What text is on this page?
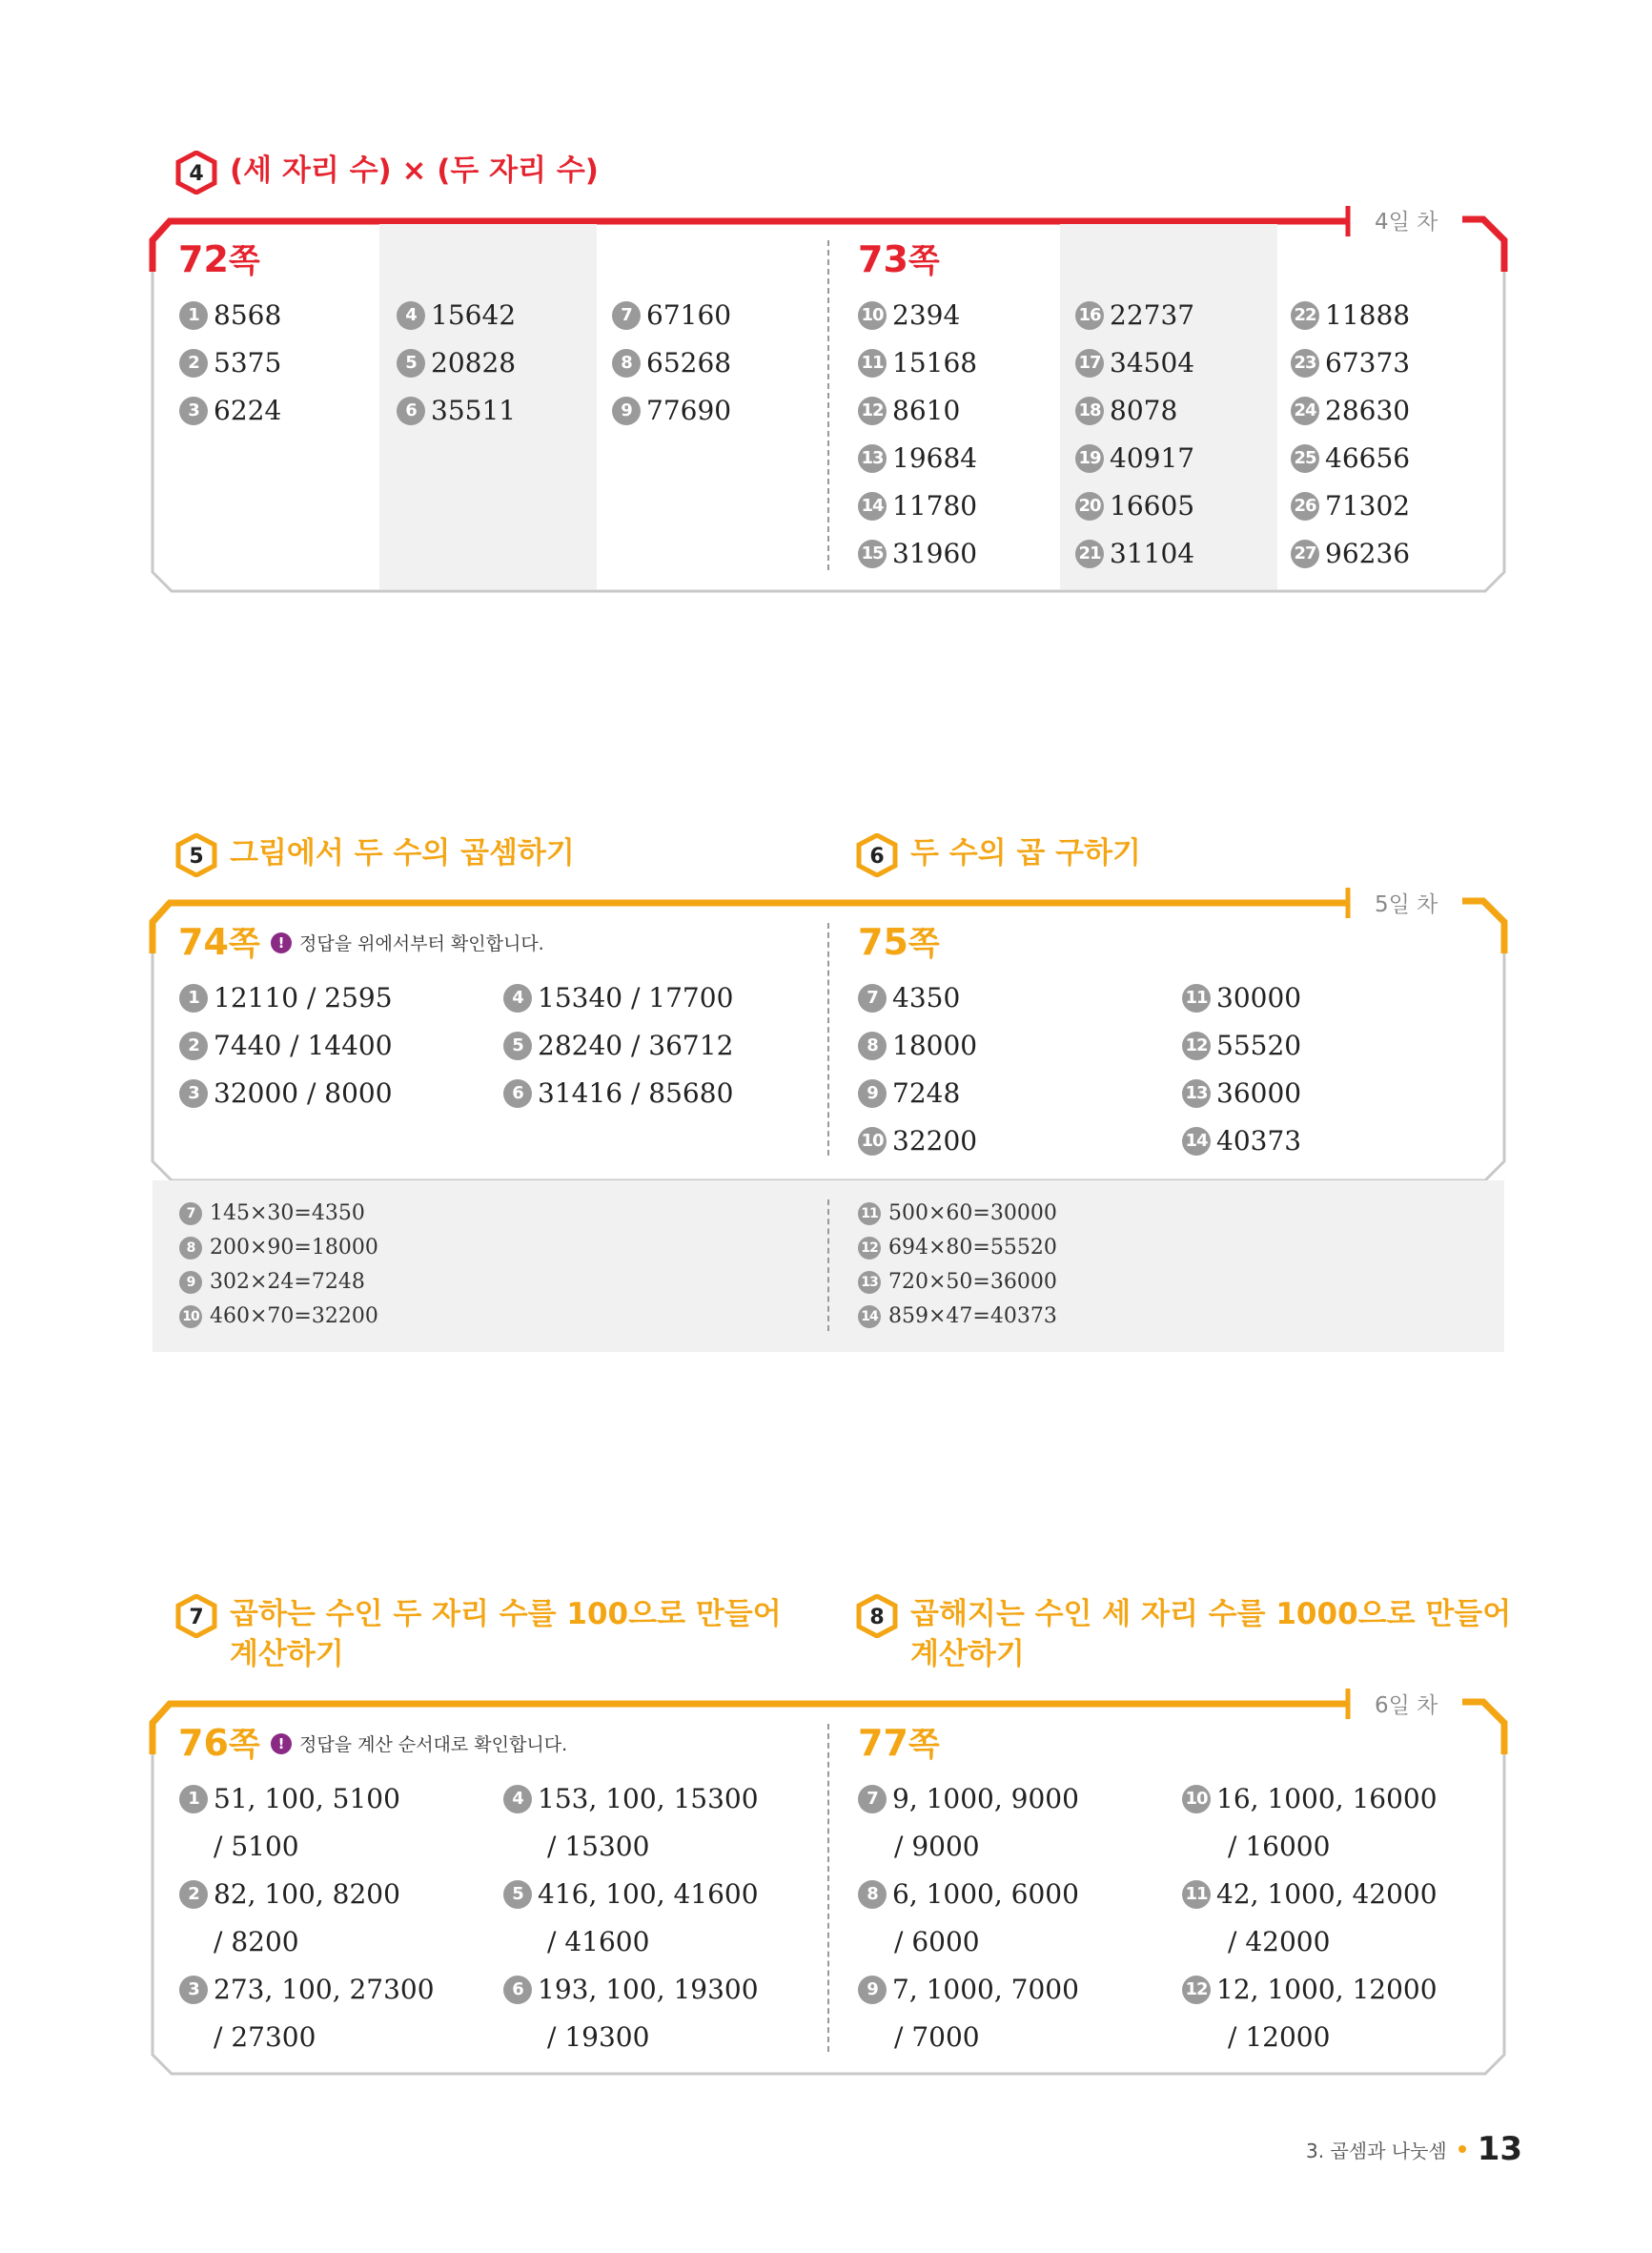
4 (세 자리 수) × (두 자리 수)
4일 차
72 쪽	73 쪽
1 8568
2 5375
3 6224
4 15642
5 20828
6 35511
7 67160
8 65268
9 77690
10 2394
11 15168
12 8610
13 19684
14 11780
15 31960
16 22737
17 34504
18 8078
19 40917
20 16605
21 31104
22 11888
23 67373
24 28630
25 46656
26 71302
27 96236
5 그림에서 두 수의 곱셈하기	6 두 수의 곱 구하기
5일 차
74 쪽	! 정답을 위에서부터 확인합니다.	75 쪽
1 12110 / 2595
2 7440 / 14400
3 32000 / 8000
4 15340 / 17700
5 28240 / 36712
6 31416 / 85680
7 4350
8 18000
9 7248
10 32200
11 30000
12 55520
13 36000
14 40373
7 145×30=4350
8 200×90=18000
9 302×24=7248
10 460×70=32200
11 500×60=30000
12 694×80=55520
13 720×50=36000
14 859×47=40373
7 곱하는 수인 두 자리 수를 100으로 만들어
계산하기
8 곱해지는 수인 세 자리 수를 1000으로 만들어
계산하기
6일 차
76 쪽	! 정답을 계산 순서대로 확인합니다.	77 쪽
1 51, 100, 5100
/ 5100
2 82, 100, 8200
/ 8200
3 273, 100, 27300
/ 27300
4 153, 100, 15300
/ 15300
5 416, 100, 41600
/ 41600
6 193, 100, 19300
/ 19300
7 9, 1000, 9000
/ 9000
8 6, 1000, 6000
/ 6000
9 7, 1000, 7000
/ 7000
10 16, 1000, 16000
/ 16000
11 42, 1000, 42000
/ 42000
12 12, 1000, 12000
/ 12000
3. 곱셈과 나눗셈 13
